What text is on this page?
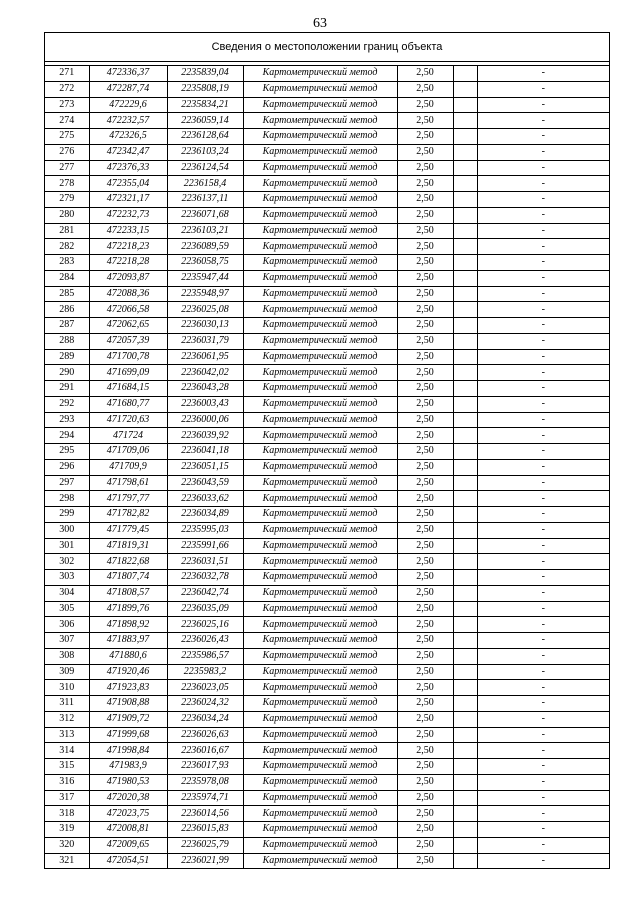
63
Сведения о местоположении границ объекта
271	472336,37	2235839,04	Картометрический метод	2,50		-
272	472287,74	2235808,19	Картометрический метод	2,50		-
273	472229,6	2235834,21	Картометрический метод	2,50		-
274	472232,57	2236059,14	Картометрический метод	2,50		-
275	472326,5	2236128,64	Картометрический метод	2,50		-
276	472342,47	2236103,24	Картометрический метод	2,50		-
277	472376,33	2236124,54	Картометрический метод	2,50		-
278	472355,04	2236158,4	Картометрический метод	2,50		-
279	472321,17	2236137,11	Картометрический метод	2,50		-
280	472232,73	2236071,68	Картометрический метод	2,50		-
281	472233,15	2236103,21	Картометрический метод	2,50		-
282	472218,23	2236089,59	Картометрический метод	2,50		-
283	472218,28	2236058,75	Картометрический метод	2,50		-
284	472093,87	2235947,44	Картометрический метод	2,50		-
285	472088,36	2235948,97	Картометрический метод	2,50		-
286	472066,58	2236025,08	Картометрический метод	2,50		-
287	472062,65	2236030,13	Картометрический метод	2,50		-
288	472057,39	2236031,79	Картометрический метод	2,50		-
289	471700,78	2236061,95	Картометрический метод	2,50		-
290	471699,09	2236042,02	Картометрический метод	2,50		-
291	471684,15	2236043,28	Картометрический метод	2,50		-
292	471680,77	2236003,43	Картометрический метод	2,50		-
293	471720,63	2236000,06	Картометрический метод	2,50		-
294	471724	2236039,92	Картометрический метод	2,50		-
295	471709,06	2236041,18	Картометрический метод	2,50		-
296	471709,9	2236051,15	Картометрический метод	2,50		-
297	471798,61	2236043,59	Картометрический метод	2,50		-
298	471797,77	2236033,62	Картометрический метод	2,50		-
299	471782,82	2236034,89	Картометрический метод	2,50		-
300	471779,45	2235995,03	Картометрический метод	2,50		-
301	471819,31	2235991,66	Картометрический метод	2,50		-
302	471822,68	2236031,51	Картометрический метод	2,50		-
303	471807,74	2236032,78	Картометрический метод	2,50		-
304	471808,57	2236042,74	Картометрический метод	2,50		-
305	471899,76	2236035,09	Картометрический метод	2,50		-
306	471898,92	2236025,16	Картометрический метод	2,50		-
307	471883,97	2236026,43	Картометрический метод	2,50		-
308	471880,6	2235986,57	Картометрический метод	2,50		-
309	471920,46	2235983,2	Картометрический метод	2,50		-
310	471923,83	2236023,05	Картометрический метод	2,50		-
311	471908,88	2236024,32	Картометрический метод	2,50		-
312	471909,72	2236034,24	Картометрический метод	2,50		-
313	471999,68	2236026,63	Картометрический метод	2,50		-
314	471998,84	2236016,67	Картометрический метод	2,50		-
315	471983,9	2236017,93	Картометрический метод	2,50		-
316	471980,53	2235978,08	Картометрический метод	2,50		-
317	472020,38	2235974,71	Картометрический метод	2,50		-
318	472023,75	2236014,56	Картометрический метод	2,50		-
319	472008,81	2236015,83	Картометрический метод	2,50		-
320	472009,65	2236025,79	Картометрический метод	2,50		-
321	472054,51	2236021,99	Картометрический метод	2,50		-
